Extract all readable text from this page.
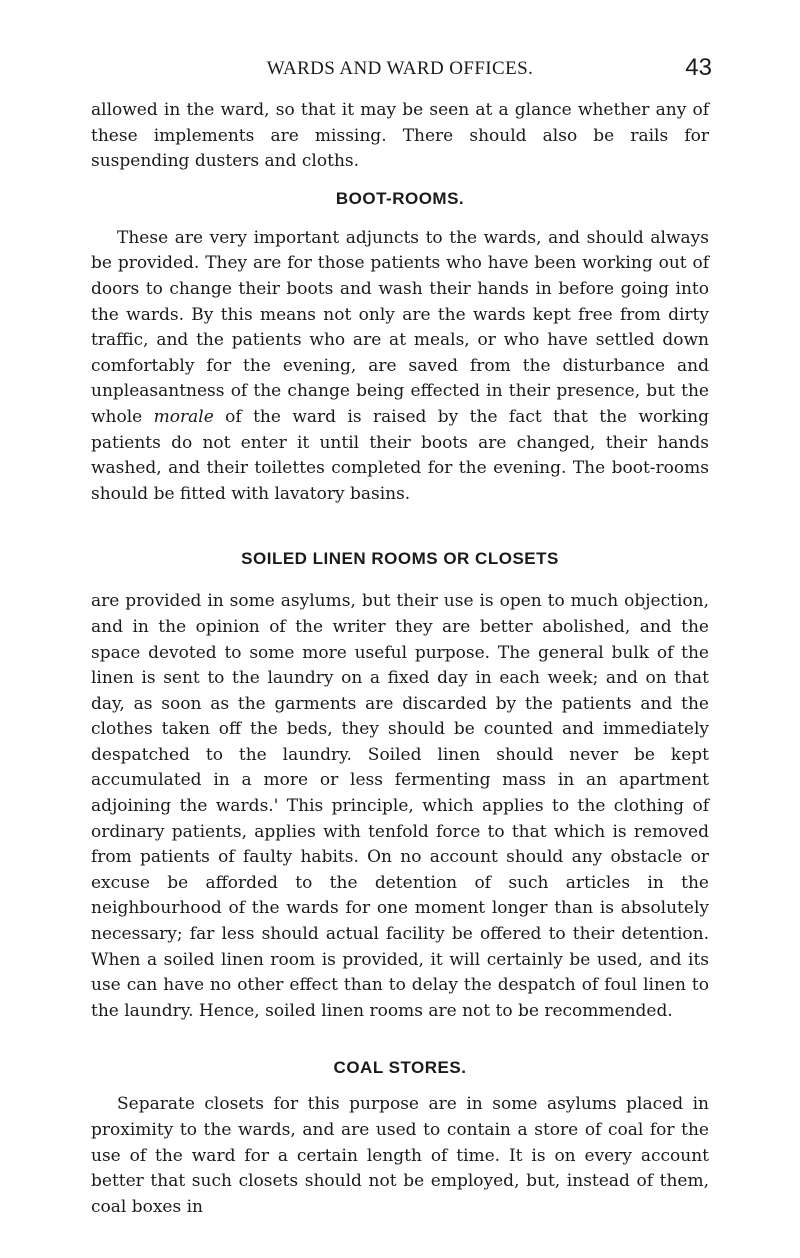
WARDS AND WARD OFFICES.	43

allowed in the ward, so that it may be seen at a glance whether any of these implements are missing. There should also be rails for suspending dusters and cloths.

BOOT-ROOMS.

These are very important adjuncts to the wards, and should always be provided. They are for those patients who have been working out of doors to change their boots and wash their hands in before going into the wards. By this means not only are the wards kept free from dirty traffic, and the patients who are at meals, or who have settled down comfortably for the evening, are saved from the disturbance and unpleasantness of the change being effected in their presence, but the whole morale of the ward is raised by the fact that the working patients do not enter it until their boots are changed, their hands washed, and their toilettes completed for the evening. The boot-rooms should be fitted with lavatory basins.

SOILED LINEN ROOMS OR CLOSETS

are provided in some asylums, but their use is open to much objection, and in the opinion of the writer they are better abolished, and the space devoted to some more useful purpose. The general bulk of the linen is sent to the laundry on a fixed day in each week; and on that day, as soon as the garments are discarded by the patients and the clothes taken off the beds, they should be counted and immediately despatched to the laundry. Soiled linen should never be kept accumulated in a more or less fermenting mass in an apartment adjoining the wards.' This principle, which applies to the clothing of ordinary patients, applies with tenfold force to that which is removed from patients of faulty habits. On no account should any obstacle or excuse be afforded to the detention of such articles in the neighbourhood of the wards for one moment longer than is absolutely necessary; far less should actual facility be offered to their detention. When a soiled linen room is provided, it will certainly be used, and its use can have no other effect than to delay the despatch of foul linen to the laundry. Hence, soiled linen rooms are not to be recommended.

COAL STORES.

Separate closets for this purpose are in some asylums placed in proximity to the wards, and are used to contain a store of coal for the use of the ward for a certain length of time. It is on every account better that such closets should not be employed, but, instead of them, coal boxes in
